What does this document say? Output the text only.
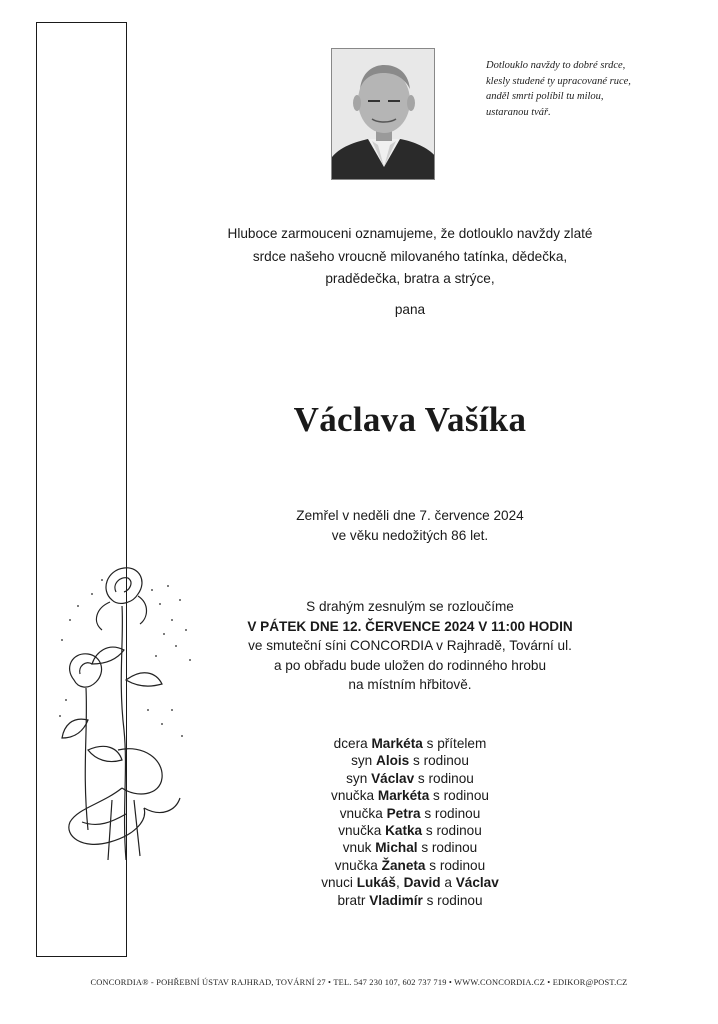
Dotlouklo navždy to dobré srdce,
klesly studené ty upracované ruce,
anděl smrti políbil tu milou,
ustaranou tvář.
Hluboce zarmouceni oznamujeme, že dotlouklo navždy zlaté
srdce našeho vroucně milovaného tatínka, dědečka,
pradědečka, bratra a strýce,
pana
Václava Vašíka
Zemřel v neděli dne 7. července 2024
ve věku nedožitých 86 let.
S drahým zesnulým se rozloučíme
V PÁTEK DNE 12. ČERVENCE 2024 V 11:00 HODIN
ve smuteční síni CONCORDIA v Rajhradě, Tovární ul.
a po obřadu bude uložen do rodinného hrobu
na místním hřbitově.
dcera Markéta s přítelem
syn Alois s rodinou
syn Václav s rodinou
vnučka Markéta s rodinou
vnučka Petra s rodinou
vnučka Katka s rodinou
vnuk Michal s rodinou
vnučka Žaneta s rodinou
vnuci Lukáš, David a Václav
bratr Vladimír s rodinou
CONCORDIA® - POHŘEBNÍ ÚSTAV RAJHRAD, TOVÁRNÍ 27 • TEL. 547 230 107, 602 737 719 • WWW.CONCORDIA.CZ • EDIKOR@POST.CZ
